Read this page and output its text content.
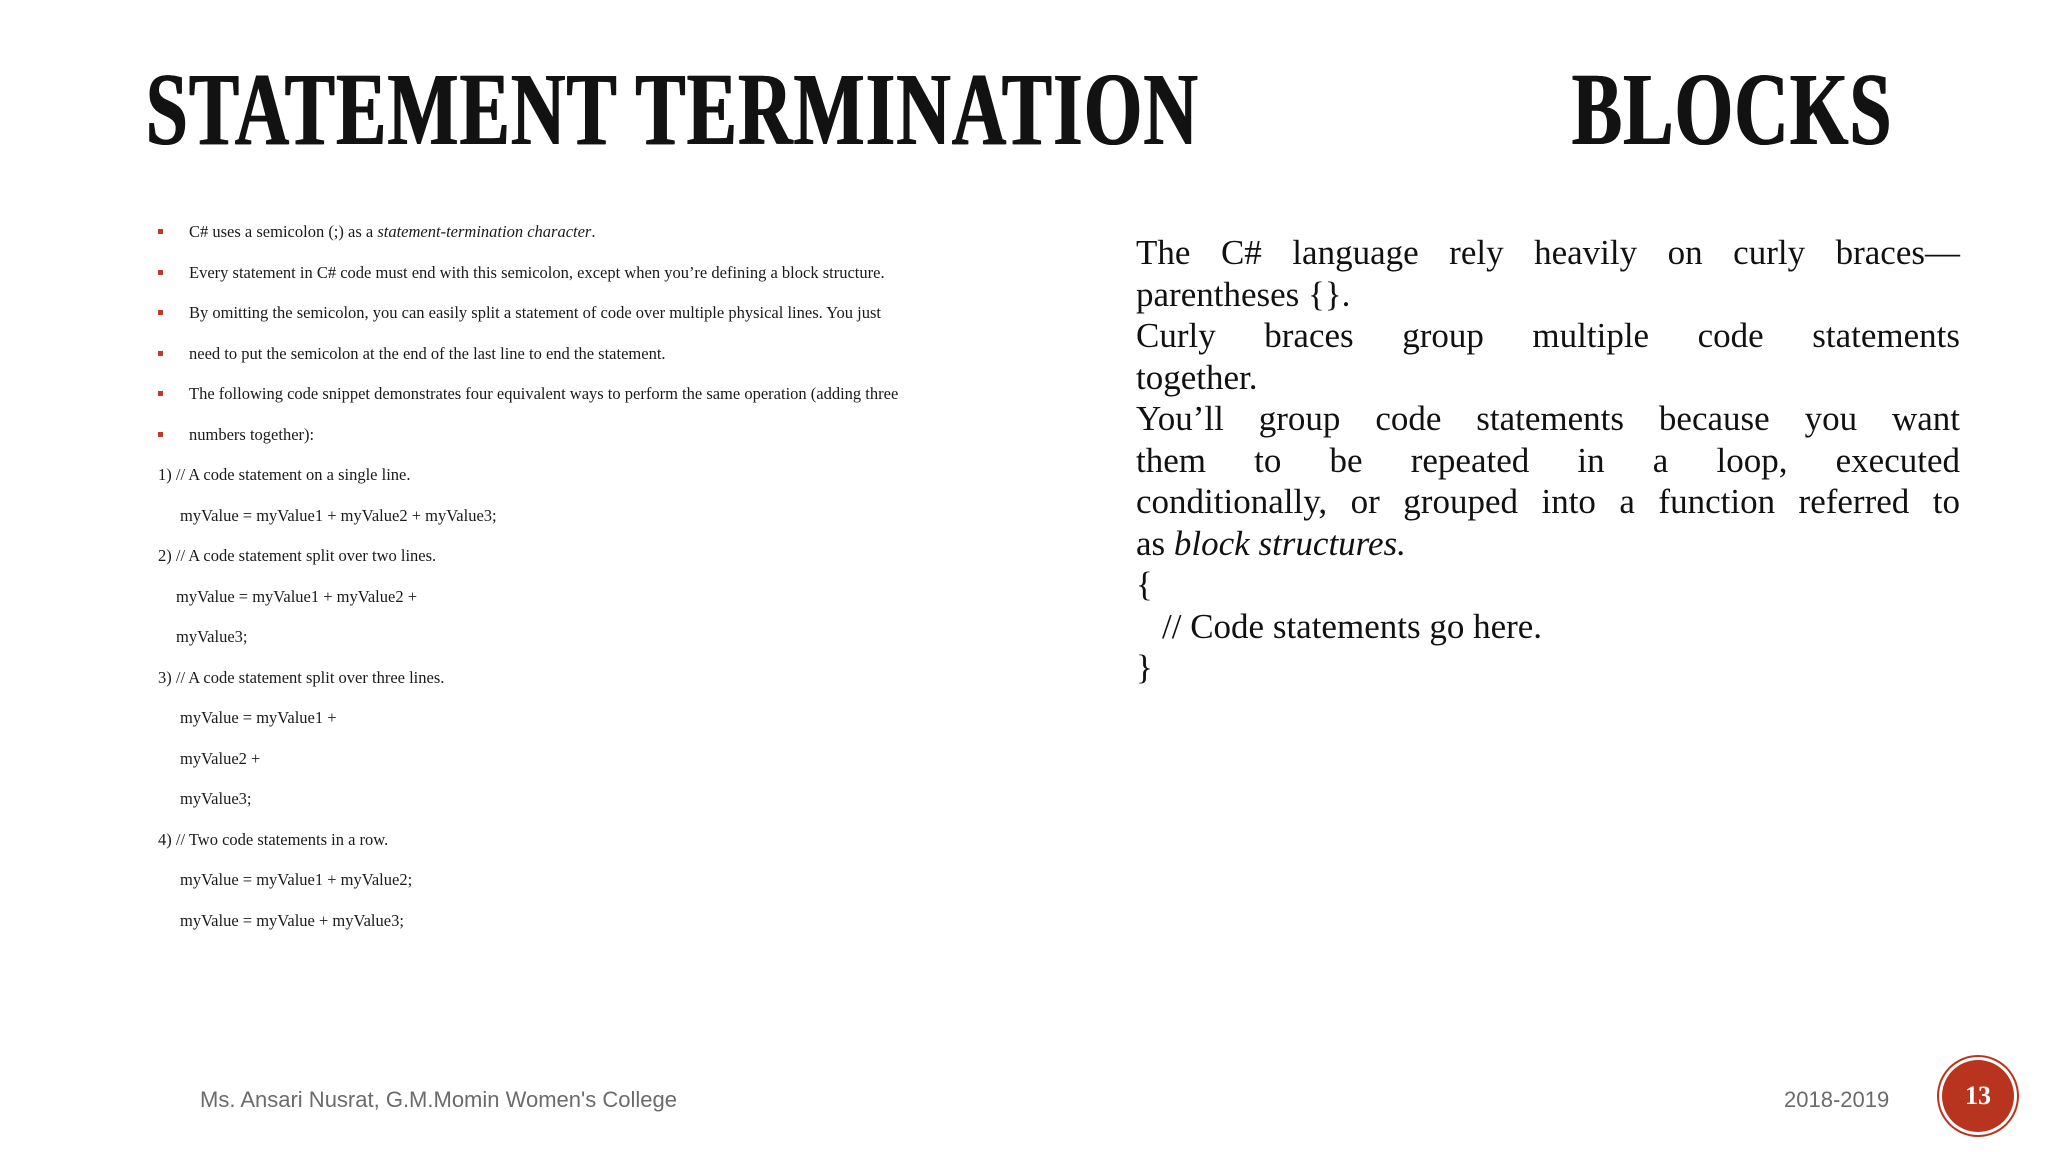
STATEMENT TERMINATION	BLOCKS
C# uses a semicolon (;) as a statement-termination character.
Every statement in C# code must end with this semicolon, except when you’re defining a block structure.
By omitting the semicolon, you can easily split a statement of code over multiple physical lines. You just
need to put the semicolon at the end of the last line to end the statement.
The following code snippet demonstrates four equivalent ways to perform the same operation (adding three
numbers together):
1) // A code statement on a single line.
myValue = myValue1 + myValue2 + myValue3;
2) // A code statement split over two lines.
myValue = myValue1 + myValue2 +
myValue3;
3) // A code statement split over three lines.
myValue = myValue1 +
myValue2 +
myValue3;
4) // Two code statements in a row.
myValue = myValue1 + myValue2;
myValue = myValue + myValue3;

The C# language rely heavily on curly braces—

parentheses {}.

Curly braces group multiple code statements

together.

You’ll group code statements because you want

them to be repeated in a loop, executed

conditionally, or grouped into a function referred to

as block structures.

{

// Code statements go here.

}

Ms. Ansari Nusrat, G.M.Momin Women's College	2018-2019	13
